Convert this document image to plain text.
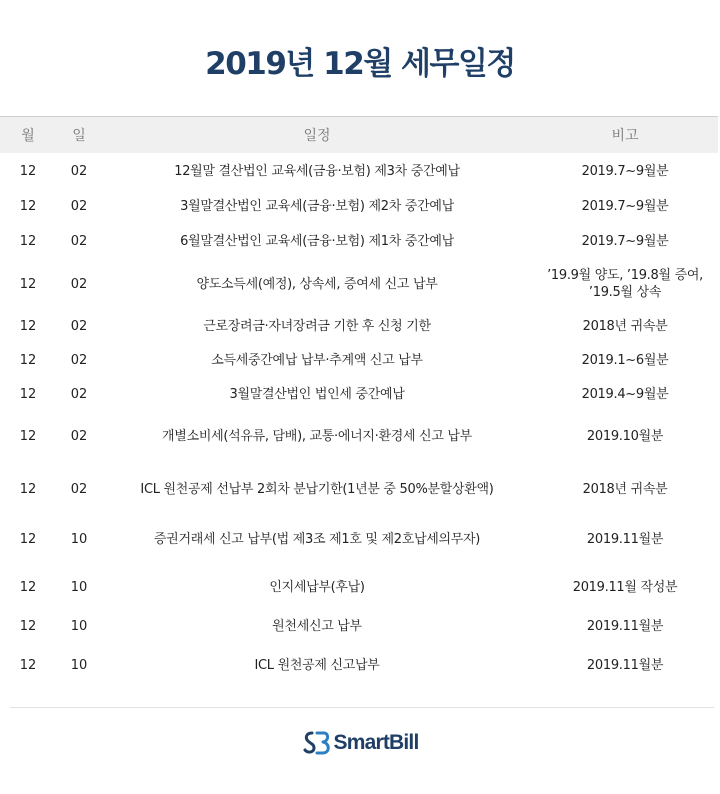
2019년 12월 세무일정
월	일	일정	비고
12	02	12월말 결산법인 교육세(금융·보험) 제3차 중간예납	2019.7~9월분
12	02	3월말결산법인 교육세(금융·보험) 제2차 중간예납	2019.7~9월분
12	02	6월말결산법인 교육세(금융·보험) 제1차 중간예납	2019.7~9월분
12	02	양도소득세(예정), 상속세, 증여세 신고 납부	’19.9월 양도, ’19.8월 증여, ’19.5월 상속
12	02	근로장려금·자녀장려금 기한 후 신청 기한	2018년 귀속분
12	02	소득세중간예납 납부·추계액 신고 납부	2019.1~6월분
12	02	3월말결산법인 법인세 중간예납	2019.4~9월분
12	02	개별소비세(석유류, 담배), 교통·에너지·환경세 신고 납부	2019.10월분
12	02	ICL 원천공제 선납부 2회차 분납기한(1년분 중 50%분할상환액)	2018년 귀속분
12	10	증권거래세 신고 납부(법 제3조 제1호 및 제2호납세의무자)	2019.11월분
12	10	인지세납부(후납)	2019.11월 작성분
12	10	원천세신고 납부	2019.11월분
12	10	ICL 원천공제 신고납부	2019.11월분
SmartBill
